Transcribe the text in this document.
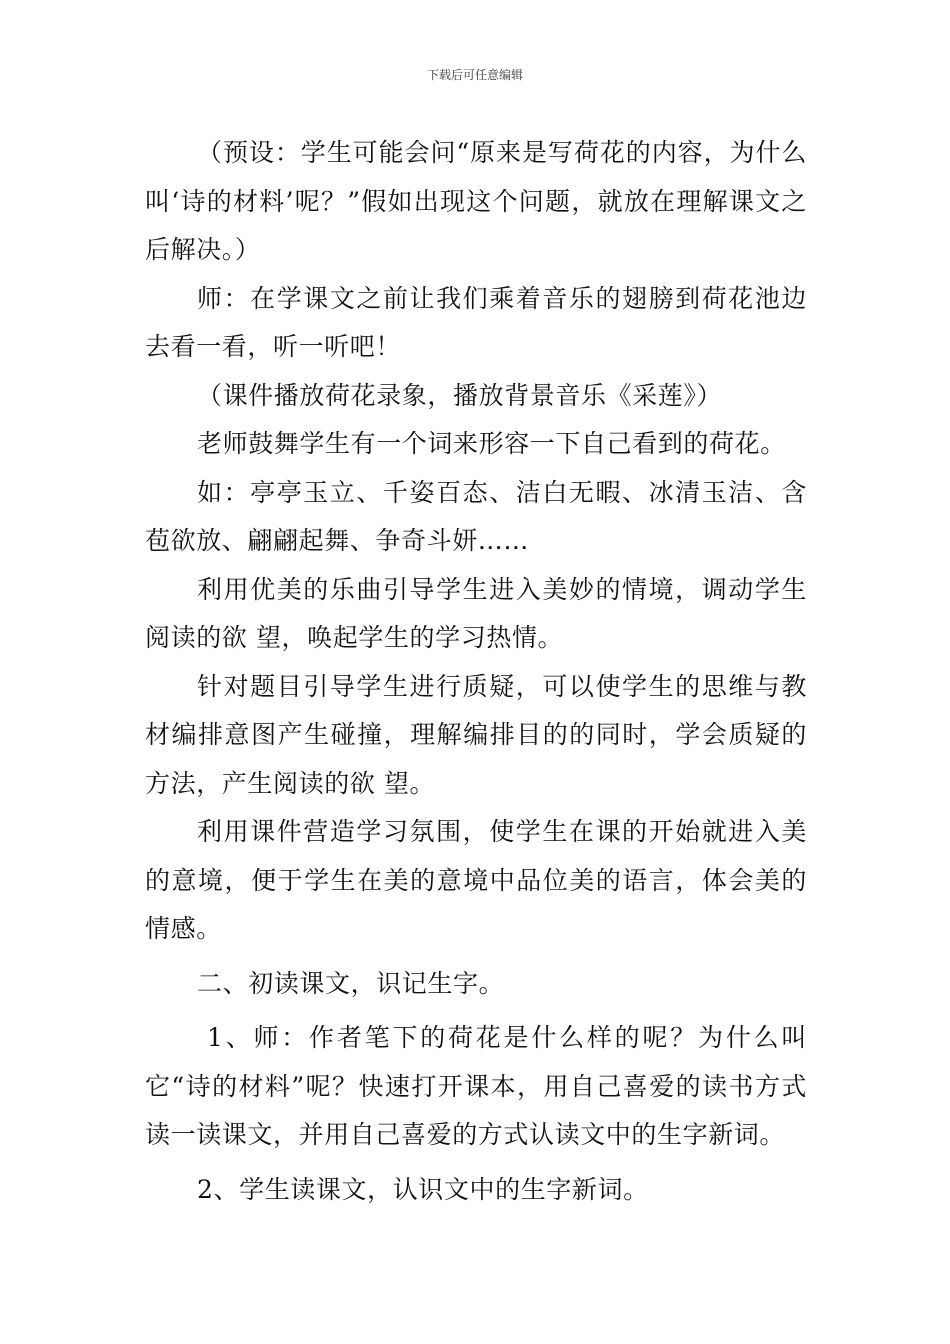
下载后可任意编辑

（预设：学生可能会问“原来是写荷花的内容，为什么叫‘诗的材料’呢？”假如出现这个问题，就放在理解课文之后解决。）

师：在学课文之前让我们乘着音乐的翅膀到荷花池边去看一看，听一听吧！

（课件播放荷花录象，播放背景音乐《采莲》）

老师鼓舞学生有一个词来形容一下自己看到的荷花。

如：亭亭玉立、千姿百态、洁白无暇、冰清玉洁、含苞欲放、翩翩起舞、争奇斗妍……

利用优美的乐曲引导学生进入美妙的情境，调动学生阅读的欲 望，唤起学生的学习热情。

针对题目引导学生进行质疑，可以使学生的思维与教材编排意图产生碰撞，理解编排目的的同时，学会质疑的方法，产生阅读的欲 望。

利用课件营造学习氛围，使学生在课的开始就进入美的意境，便于学生在美的意境中品位美的语言，体会美的情感。

二、初读课文，识记生字。

1、师：作者笔下的荷花是什么样的呢？为什么叫它“诗的材料”呢？快速打开课本，用自己喜爱的读书方式读一读课文，并用自己喜爱的方式认读文中的生字新词。

2、学生读课文，认识文中的生字新词。
